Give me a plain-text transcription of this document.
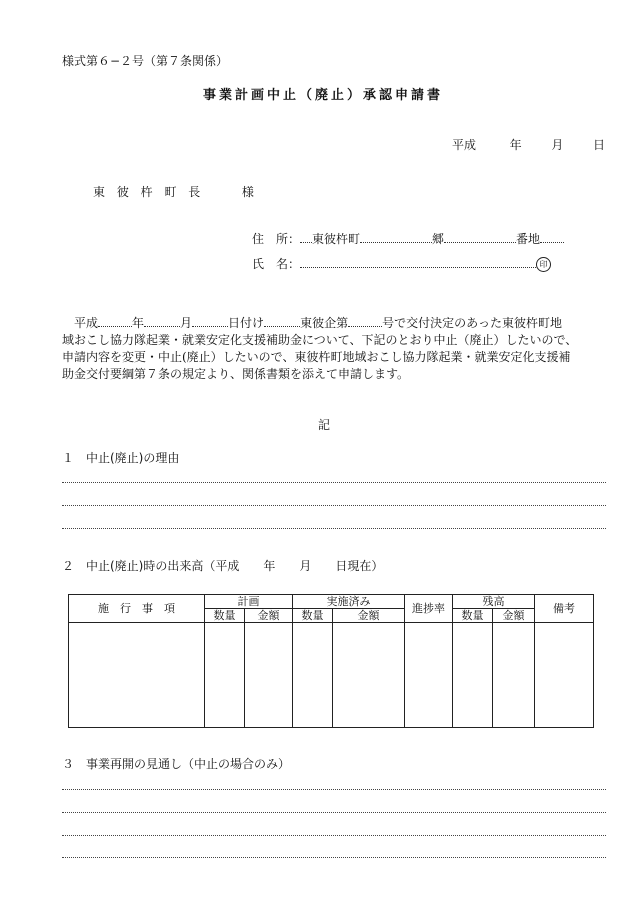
様式第６−２号（第７条関係）
事業計画中止（廃止）承認申請書
平成	年 月 日
東 彼 杵 町 長	様
住　所： 東彼杵町	郷	番地
氏　名：	印

平成	年	月	日付け	東彼企第	号で交付決定のあった東彼杵町地

域おこし協力隊起業・就業安定化支援補助金について、下記のとおり中止（廃止）したいので、

申請内容を変更・中止(廃止）したいので、東彼杵町地域おこし協力隊起業・就業安定化支援補

助金交付要綱第７条の規定より、関係書類を添えて申請します。

記
１　中止(廃止)の理由
２　中止(廃止)時の出来高（平成　　年　　月　　日現在）
施　行　事　項	計画		実施済み		進捗率	残高		備考
	数量	金額	数量	金額		数量	金額	

３　事業再開の見通し（中止の場合のみ）
